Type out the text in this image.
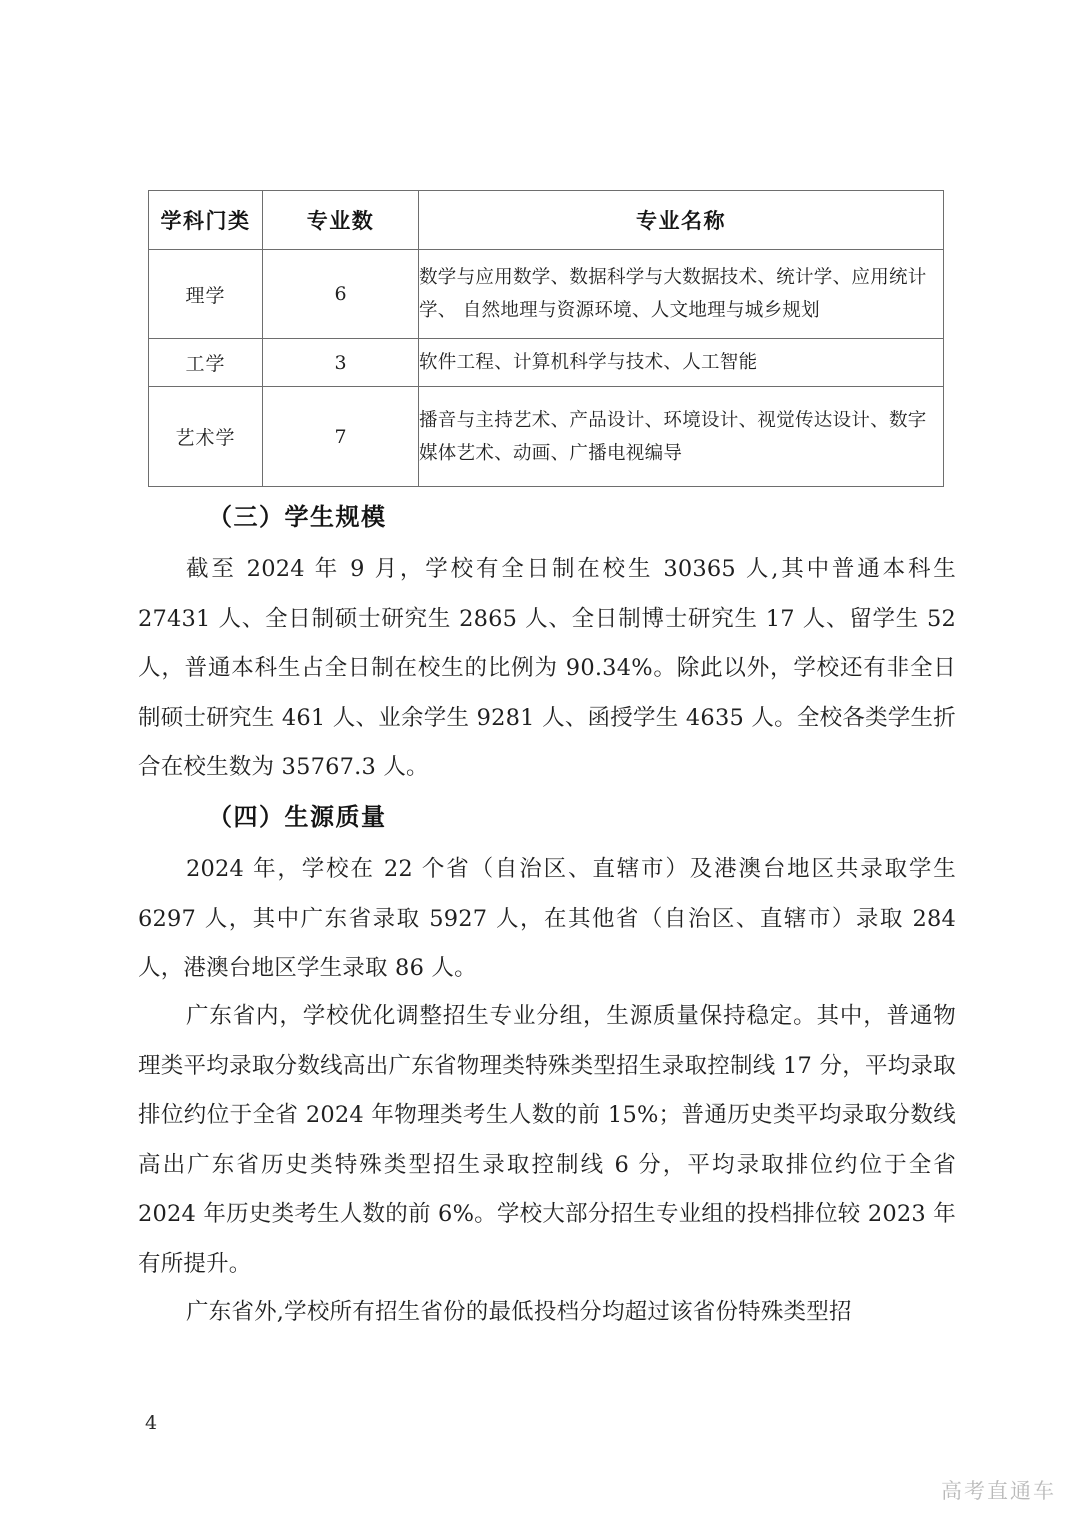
学科门类	专业数	专业名称
理学	6	数学与应用数学、数据科学与大数据技术、统计学、应用统计学、 自然地理与资源环境、人文地理与城乡规划
工学	3	软件工程、计算机科学与技术、人工智能
艺术学	7	播音与主持艺术、产品设计、环境设计、视觉传达设计、数字媒体艺术、动画、广播电视编导
（三）学生规模
截至 2024 年 9 月，学校有全日制在校生 30365 人,其中普通本科生 27431 人、全日制硕士研究生 2865 人、全日制博士研究生 17 人、留学生 52 人，普通本科生占全日制在校生的比例为 90.34%。除此以外，学校还有非全日制硕士研究生 461 人、业余学生 9281 人、函授学生 4635 人。全校各类学生折合在校生数为 35767.3 人。
（四）生源质量
2024 年，学校在 22 个省（自治区、直辖市）及港澳台地区共录取学生 6297 人，其中广东省录取 5927 人，在其他省（自治区、直辖市）录取 284 人，港澳台地区学生录取 86 人。
广东省内，学校优化调整招生专业分组，生源质量保持稳定。其中，普通物理类平均录取分数线高出广东省物理类特殊类型招生录取控制线 17 分，平均录取排位约位于全省 2024 年物理类考生人数的前 15%；普通历史类平均录取分数线高出广东省历史类特殊类型招生录取控制线 6 分，平均录取排位约位于全省 2024 年历史类考生人数的前 6%。学校大部分招生专业组的投档排位较 2023 年有所提升。
广东省外,学校所有招生省份的最低投档分均超过该省份特殊类型招
4
高考直通车
